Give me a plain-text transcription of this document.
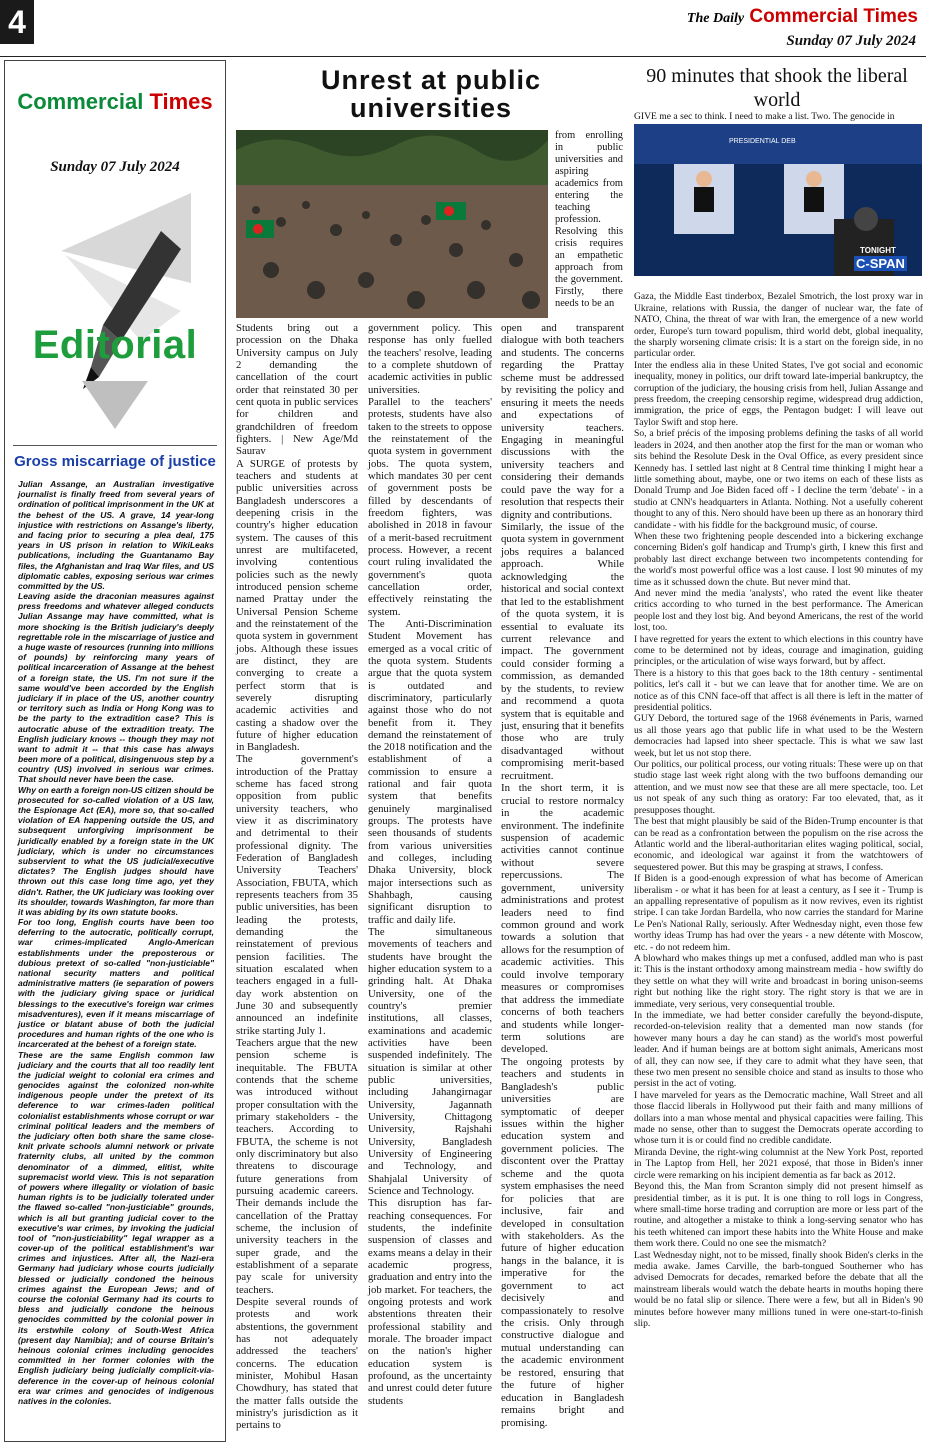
4	The Daily Commercial Times
Sunday 07 July 2024
Commercial Times
Sunday 07 July 2024
Editorial
Gross miscarriage of justice

Julian Assange, an Australian investigative journalist is finally freed from several years of ordination of political imprisonment in the UK at the behest of the US. A grave, 14 year-long injustice with restrictions on Assange's liberty, and facing prior to securing a plea deal, 175 years in US prison in relation to WikiLeaks publications, including the Guantanamo Bay files, the Afghanistan and Iraq War files, and US diplomatic cables, exposing serious war crimes committed by the US.

Leaving aside the draconian measures against press freedoms and whatever alleged conducts Julian Assange may have committed, what is more shocking is the British judiciary's deeply regrettable role in the miscarriage of justice and a huge waste of resources (running into millions of pounds) by reinforcing many years of political incarceration of Assange at the behest of a foreign state, the US. I'm not sure if the same would've been accorded by the English judiciary if in place of the US, another country or territory such as India or Hong Kong was to be the party to the extradition case? This is autocratic abuse of the extradition treaty. The English judiciary knows -- though they may not want to admit it -- that this case has always been more of a political, disingenuous step by a country (US) involved in serious war crimes. That should never have been the case.

Why on earth a foreign non-US citizen should be prosecuted for so-called violation of a US law, the Espionage Act (EA), more so, that so-called violation of EA happening outside the US, and subsequent unforgiving imprisonment be juridically enabled by a foreign state in the UK judiciary, which is under no circumstances subservient to what the US judicial/executive dictates? The English judges should have thrown out this case long time ago, yet they didn't. Rather, the UK judiciary was looking over its shoulder, towards Washington, far more than it was abiding by its own statute books.

For too long, English courts have been too deferring to the autocratic, politically corrupt, war crimes-implicated Anglo-American establishments under the preposterous or dubious pretext of so-called "non-justiciable" national security matters and political administrative matters (ie separation of powers with the judiciary giving space or juridical blessings to the executive's foreign war crimes misadventures), even if it means miscarriage of justice or blatant abuse of both the judicial procedures and human rights of the one who is incarcerated at the behest of a foreign state.

These are the same English common law judiciary and the courts that all too readily lent the judicial weight to colonial era crimes and genocides against the colonized non-white indigenous people under the pretext of its deference to war crimes-laden political colonialist establishments whose corrupt or war criminal political leaders and the members of the judiciary often both share the same close-knit private schools alumni network or private fraternity clubs, all united by the common denominator of a dimmed, elitist, white supremacist world view. This is not separation of powers where illegality or violation of basic human rights is to be judicially tolerated under the flawed so-called "non-justiciable" grounds, which is all but granting judicial cover to the executive's war crimes, by invoking the judicial tool of "non-justiciability" legal wrapper as a cover-up of the political establishment's war crimes and injustices. After all, the Nazi-era Germany had judiciary whose courts judicially blessed or judicially condoned the heinous crimes against the European Jews; and of course the colonial Germany had its courts to bless and judicially condone the heinous genocides committed by the colonial power in its erstwhile colony of South-West Africa (present day Namibia); and of course Britain's heinous colonial crimes including genocides committed in her former colonies with the English judiciary being judicially complicit-via-deference in the cover-up of heinous colonial era war crimes and genocides of indigenous natives in the colonies.

Unrest at public universities

from enrolling in public universities and aspiring academics from entering the teaching profession.

Resolving this crisis requires an empathetic approach from the government. Firstly, there needs to be an

Students bring out a procession on the Dhaka University campus on July 2 demanding the cancellation of the court order that reinstated 30 per cent quota in public services for children and grandchildren of freedom fighters. | New Age/Md Saurav

A SURGE of protests by teachers and students at public universities across Bangladesh underscores a deepening crisis in the country's higher education system. The causes of this unrest are multifaceted, involving contentious policies such as the newly introduced pension scheme named Prattay under the Universal Pension Scheme and the reinstatement of the quota system in government jobs. Although these issues are distinct, they are converging to create a perfect storm that is severely disrupting academic activities and casting a shadow over the future of higher education in Bangladesh.

The government's introduction of the Prattay scheme has faced strong opposition from public university teachers, who view it as discriminatory and detrimental to their professional dignity. The Federation of Bangladesh University Teachers' Association, FBUTA, which represents teachers from 35 public universities, has been leading the protests, demanding the reinstatement of previous pension facilities. The situation escalated when teachers engaged in a full-day work abstention on June 30 and subsequently announced an indefinite strike starting July 1.

Teachers argue that the new pension scheme is inequitable. The FBUTA contends that the scheme was introduced without proper consultation with the primary stakeholders - the teachers. According to FBUTA, the scheme is not only discriminatory but also threatens to discourage future generations from pursuing academic careers. Their demands include the cancellation of the Prattay scheme, the inclusion of university teachers in the super grade, and the establishment of a separate pay scale for university teachers.

Despite several rounds of protests and work abstentions, the government has not adequately addressed the teachers' concerns. The education minister, Mohibul Hasan Chowdhury, has stated that the matter falls outside the ministry's jurisdiction as it pertains to

government policy. This response has only fuelled the teachers' resolve, leading to a complete shutdown of academic activities in public universities.

Parallel to the teachers' protests, students have also taken to the streets to oppose the reinstatement of the quota system in government jobs. The quota system, which mandates 30 per cent of government posts be filled by descendants of freedom fighters, was abolished in 2018 in favour of a merit-based recruitment process. However, a recent court ruling invalidated the government's quota cancellation order, effectively reinstating the system.

The Anti-Discrimination Student Movement has emerged as a vocal critic of the quota system. Students argue that the quota system is outdated and discriminatory, particularly against those who do not benefit from it. They demand the reinstatement of the 2018 notification and the establishment of a commission to ensure a rational and fair quota system that benefits genuinely marginalised groups. The protests have seen thousands of students from various universities and colleges, including Dhaka University, block major intersections such as Shahbagh, causing significant disruption to traffic and daily life.

The simultaneous movements of teachers and students have brought the higher education system to a grinding halt. At Dhaka University, one of the country's premier institutions, all classes, examinations and academic activities have been suspended indefinitely. The situation is similar at other public universities, including Jahangirnagar University, Jagannath University, Chittagong University, Rajshahi University, Bangladesh University of Engineering and Technology, and Shahjalal University of Science and Technology.

This disruption has far-reaching consequences. For students, the indefinite suspension of classes and exams means a delay in their academic progress, graduation and entry into the job market. For teachers, the ongoing protests and work abstentions threaten their professional stability and morale. The broader impact on the nation's higher education system is profound, as the uncertainty and unrest could deter future students

open and transparent dialogue with both teachers and students. The concerns regarding the Prattay scheme must be addressed by revisiting the policy and ensuring it meets the needs and expectations of university teachers. Engaging in meaningful discussions with the university teachers and considering their demands could pave the way for a resolution that respects their dignity and contributions.

Similarly, the issue of the quota system in government jobs requires a balanced approach. While acknowledging the historical and social context that led to the establishment of the quota system, it is essential to evaluate its current relevance and impact. The government could consider forming a commission, as demanded by the students, to review and recommend a quota system that is equitable and just, ensuring that it benefits those who are truly disadvantaged without compromising merit-based recruitment.

In the short term, it is crucial to restore normalcy in the academic environment. The indefinite suspension of academic activities cannot continue without severe repercussions. The government, university administrations and protest leaders need to find common ground and work towards a solution that allows for the resumption of academic activities. This could involve temporary measures or compromises that address the immediate concerns of both teachers and students while longer-term solutions are developed.

The ongoing protests by teachers and students in Bangladesh's public universities are symptomatic of deeper issues within the higher education system and government policies. The discontent over the Prattay scheme and the quota system emphasises the need for policies that are inclusive, fair and developed in consultation with stakeholders. As the future of higher education hangs in the balance, it is imperative for the government to act decisively and compassionately to resolve the crisis. Only through constructive dialogue and mutual understanding can the academic environment be restored, ensuring that the future of higher education in Bangladesh remains bright and promising.

90 minutes that shook the liberal world
PRESIDENTIAL DEB
TONIGHT
C-SPAN

GIVE me a sec to think. I need to make a list. Two. The genocide in

Gaza, the Middle East tinderbox, Bezalel Smotrich, the lost proxy war in Ukraine, relations with Russia, the danger of nuclear war, the fate of NATO, China, the threat of war with Iran, the emergence of a new world order, Europe's turn toward populism, third world debt, global inequality, the sharply worsening climate crisis: It is a start on the foreign side, in no particular order.

Inter the endless alia in these United States, I've got social and economic inequality, money in politics, our drift toward late-imperial bankruptcy, the corruption of the judiciary, the housing crisis from hell, Julian Assange and press freedom, the creeping censorship regime, widespread drug addiction, immigration, the price of eggs, the Pentagon budget: I will leave out Taylor Swift and stop here.

So, a brief précis of the imposing problems defining the tasks of all world leaders in 2024, and then another atop the first for the man or woman who sits behind the Resolute Desk in the Oval Office, as every president since Kennedy has. I settled last night at 8 Central time thinking I might hear a little something about, maybe, one or two items on each of these lists as Donald Trump and Joe Biden faced off - I decline the term 'debate' - in a studio at CNN's headquarters in Atlanta. Nothing. Not a usefully coherent thought to any of this. Nero should have been up there as an honorary third candidate - with his fiddle for the background music, of course.

When these two frightening people descended into a bickering exchange concerning Biden's golf handicap and Trump's girth, I knew this first and probably last direct exchange between two incompetents contending for the world's most powerful office was a lost cause. I lost 90 minutes of my time as it schussed down the chute. But never mind that.

And never mind the media 'analysts', who rated the event like theater critics according to who turned in the best performance. The American people lost and they lost big. And beyond Americans, the rest of the world lost, too.

I have regretted for years the extent to which elections in this country have come to be determined not by ideas, courage and imagination, guiding principles, or the articulation of wise ways forward, but by affect.

There is a history to this that goes back to the 18th century - sentimental politics, let's call it - but we can leave that for another time. We are on notice as of this CNN face-off that affect is all there is left in the matter of presidential politics.

GUY Debord, the tortured sage of the 1968 événements in Paris, warned us all those years ago that public life in what used to be the Western democracies had lapsed into sheer spectacle. This is what we saw last week, but let us not stop there.

Our politics, our political process, our voting rituals: These were up on that studio stage last week right along with the two buffoons demanding our attention, and we must now see that these are all mere spectacle, too. Let us not speak of any such thing as oratory: Far too elevated, that, as it presupposes thought.

The best that might plausibly be said of the Biden-Trump encounter is that can be read as a confrontation between the populism on the rise across the Atlantic world and the liberal-authoritarian elites waging political, social, economic, and ideological war against it from the watchtowers of sequestered power. But this may be grasping at straws, I confess.

If Biden is a good-enough expression of what has become of American liberalism - or what it has been for at least a century, as I see it - Trump is an appalling representative of populism as it now revives, even its rightist stripe. I can take Jordan Bardella, who now carries the standard for Marine Le Pen's National Rally, seriously. After Wednesday night, even those few worthy ideas Trump has had over the years - a new détente with Moscow, etc. - do not redeem him.

A blowhard who makes things up met a confused, addled man who is past it: This is the instant orthodoxy among mainstream media - how swiftly do they settle on what they will write and broadcast in boring unison-seems right but nothing like the right story. The right story is that we are in immediate, very serious, very consequential trouble.

In the immediate, we had better consider carefully the beyond-dispute, recorded-on-television reality that a demented man now stands (for however many hours a day he can stand) as the world's most powerful leader. And if human beings are at bottom sight animals, Americans most of all, they can now see, if they care to admit what they have seen, that these two men present no sensible choice and stand as insults to those who persist in the act of voting.

I have marveled for years as the Democratic machine, Wall Street and all those flaccid liberals in Hollywood put their faith and many millions of dollars into a man whose mental and physical capacities were failing. This made no sense, other than to suggest the Democrats operate according to whose turn it is or could find no credible candidate.

Miranda Devine, the right-wing columnist at the New York Post, reported in The Laptop from Hell, her 2021 exposé, that those in Biden's inner circle were remarking on his incipient dementia as far back as 2012.

Beyond this, the Man from Scranton simply did not present himself as presidential timber, as it is put. It is one thing to roll logs in Congress, where small-time horse trading and corruption are more or less part of the routine, and altogether a mistake to think a long-serving senator who has his teeth whitened can import these habits into the White House and make them work there. Could no one see the mismatch?

Last Wednesday night, not to be missed, finally shook Biden's clerks in the media awake. James Carville, the barb-tongued Southerner who has advised Democrats for decades, remarked before the debate that all the mainstream liberals would watch the debate hearts in mouths hoping there would be no fatal slip or silence. There were a few, but all in Biden's 90 minutes before however many millions tuned in were one-start-to-finish slip.
